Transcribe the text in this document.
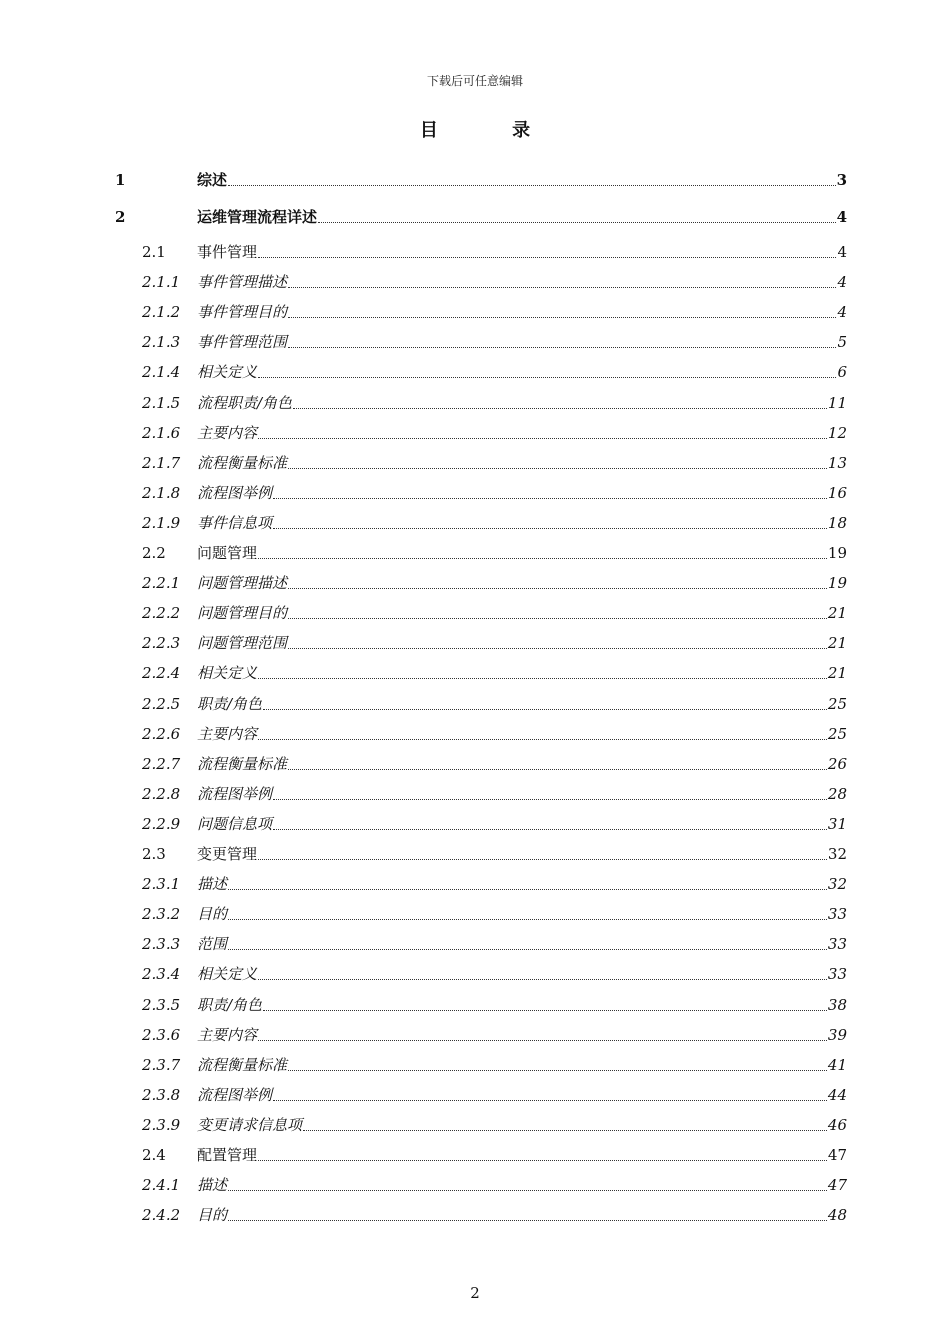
下载后可任意编辑
目 录
1	综述	3
2	运维管理流程详述	4
2.1 事件管理	4
2.1.1 事件管理描述	4
2.1.2 事件管理目的	4
2.1.3 事件管理范围	5
2.1.4 相关定义	6
2.1.5 流程职责/角色	11
2.1.6 主要内容	12
2.1.7 流程衡量标准	13
2.1.8 流程图举例	16
2.1.9 事件信息项	18
2.2 问题管理	19
2.2.1 问题管理描述	19
2.2.2 问题管理目的	21
2.2.3 问题管理范围	21
2.2.4 相关定义	21
2.2.5 职责/角色	25
2.2.6 主要内容	25
2.2.7 流程衡量标准	26
2.2.8 流程图举例	28
2.2.9 问题信息项	31
2.3 变更管理	32
2.3.1 描述	32
2.3.2 目的	33
2.3.3 范围	33
2.3.4 相关定义	33
2.3.5 职责/角色	38
2.3.6 主要内容	39
2.3.7 流程衡量标准	41
2.3.8 流程图举例	44
2.3.9 变更请求信息项	46
2.4 配置管理	47
2.4.1 描述	47
2.4.2 目的	48
2
